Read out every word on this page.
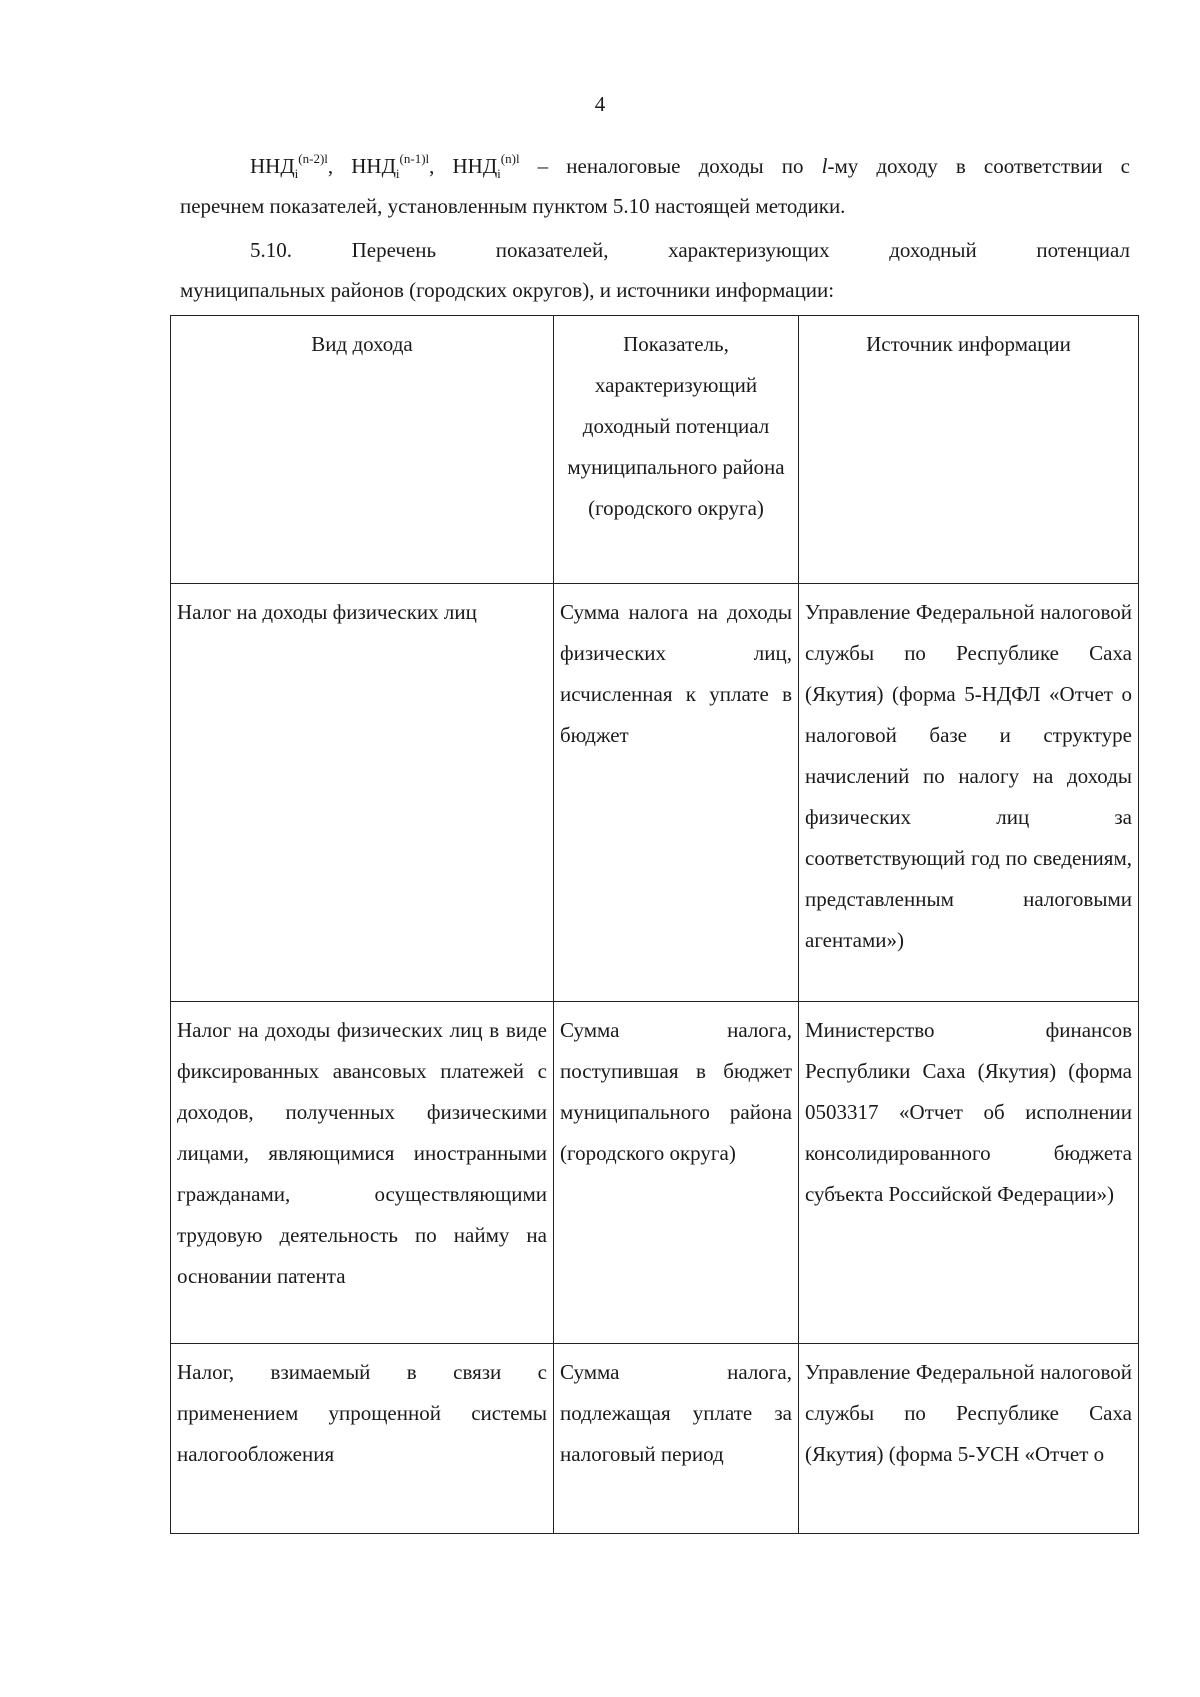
4

$ННД_i^{(n-2)l}$, $ННД_i^{(n-1)l}$, $ННД_i^{(n)l}$ – неналоговые доходы по l-му доходу в соответствии с
перечнем показателей, установленным пунктом 5.10 настоящей методики.

5.10. Перечень показателей, характеризующих доходный потенциал
муниципальных районов (городских округов), и источники информации:

Вид дохода	Показатель, характеризующий доходный потенциал муниципального района (городского округа)	Источник информации
Налог на доходы физических лиц	Сумма налога на доходы физических лиц, исчисленная к уплате в бюджет	Управление Федеральной налоговой службы по Республике Саха (Якутия) (форма 5-НДФЛ «Отчет о налоговой базе и структуре начислений по налогу на доходы физических лиц за соответствующий год по сведениям, представленным налоговыми агентами»)
Налог на доходы физических лиц в виде фиксированных авансовых платежей с доходов, полученных физическими лицами, являющимися иностранными гражданами, осуществляющими трудовую деятельность по найму на основании патента	Сумма налога, поступившая в бюджет муниципального района (городского округа)	Министерство финансов Республики Саха (Якутия) (форма 0503317 «Отчет об исполнении консолидированного бюджета субъекта Российской Федерации»)
Налог, взимаемый в связи с применением упрощенной системы налогообложения	Сумма налога, подлежащая уплате за налоговый период	Управление Федеральной налоговой службы по Республике Саха (Якутия) (форма 5-УСН «Отчет о
